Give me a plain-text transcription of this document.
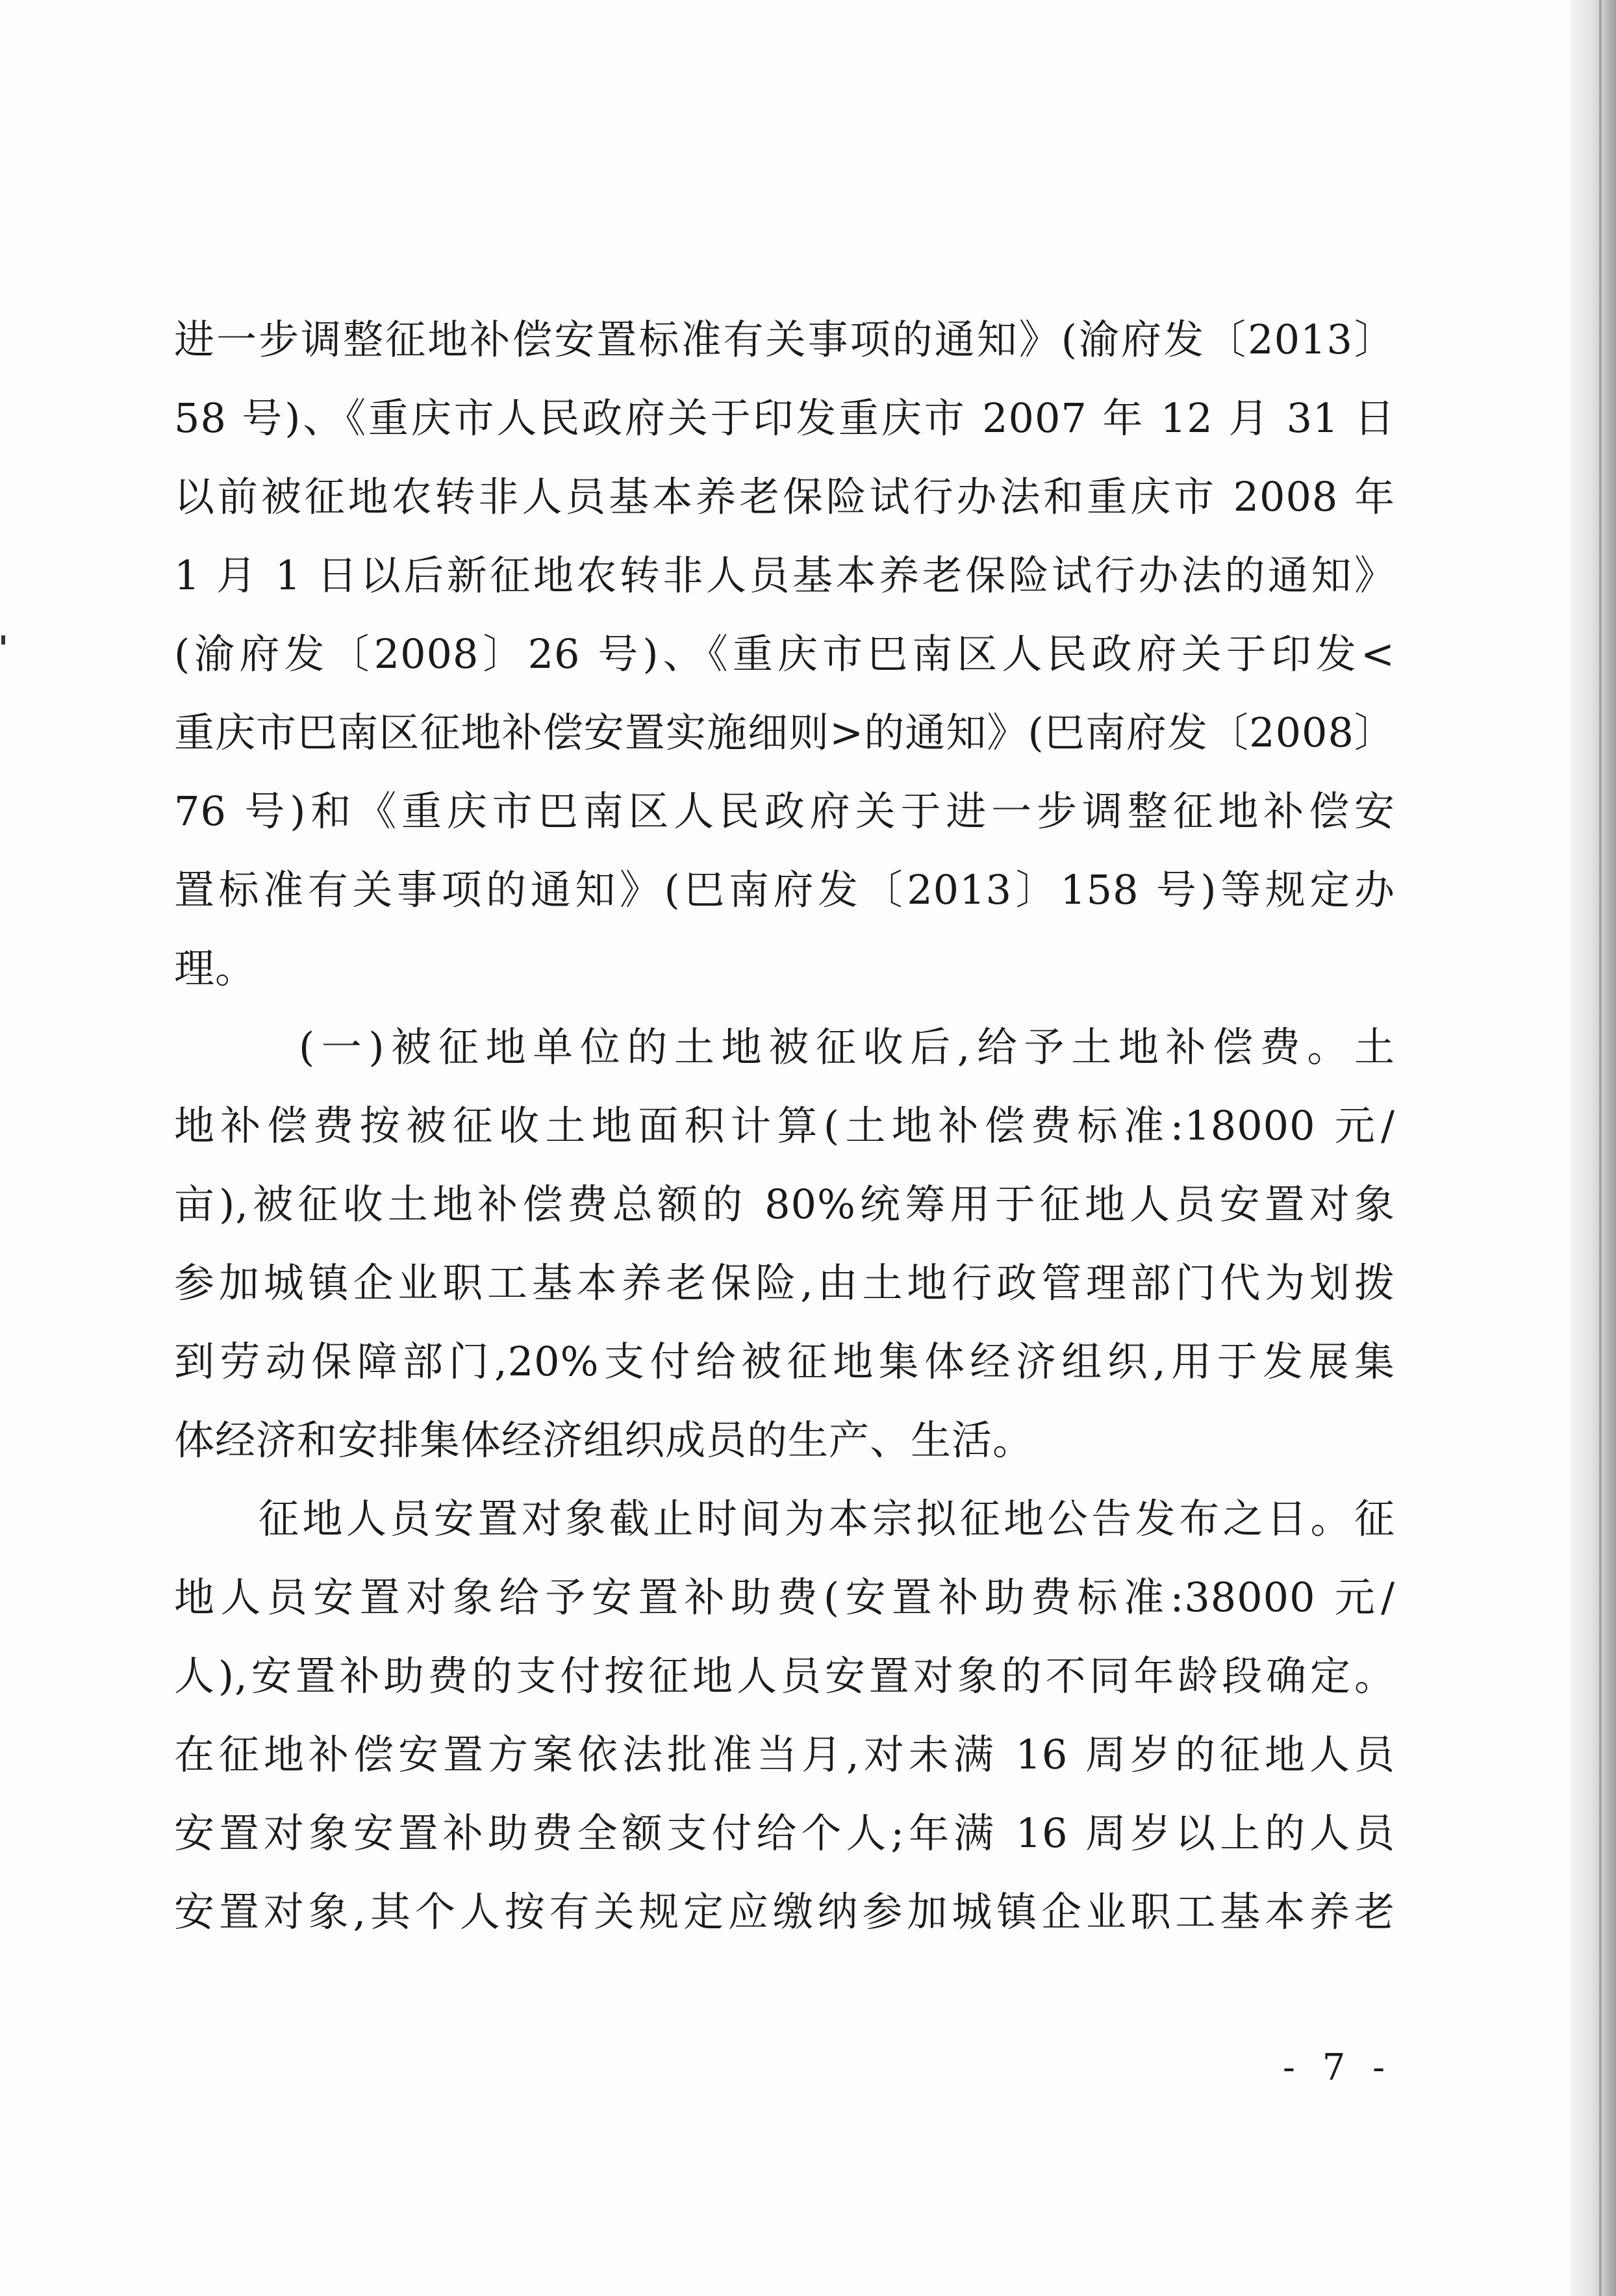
进一步调整征地补偿安置标准有关事项的通知》(渝府发〔2013〕
58 号)、《重庆市人民政府关于印发重庆市 2007 年 12 月 31 日
以前被征地农转非人员基本养老保险试行办法和重庆市 2008 年
1 月 1 日以后新征地农转非人员基本养老保险试行办法的通知》
(渝府发〔2008〕26 号)、《重庆市巴南区人民政府关于印发<
重庆市巴南区征地补偿安置实施细则>的通知》(巴南府发〔2008〕
76 号)和《重庆市巴南区人民政府关于进一步调整征地补偿安
置标准有关事项的通知》(巴南府发〔2013〕158 号)等规定办
理。
(一)被征地单位的土地被征收后,给予土地补偿费。土
地补偿费按被征收土地面积计算(土地补偿费标准:18000 元/
亩),被征收土地补偿费总额的 80%统筹用于征地人员安置对象
参加城镇企业职工基本养老保险,由土地行政管理部门代为划拨
到劳动保障部门,20%支付给被征地集体经济组织,用于发展集
体经济和安排集体经济组织成员的生产、生活。
征地人员安置对象截止时间为本宗拟征地公告发布之日。征
地人员安置对象给予安置补助费(安置补助费标准:38000 元/
人),安置补助费的支付按征地人员安置对象的不同年龄段确定。
在征地补偿安置方案依法批准当月,对未满 16 周岁的征地人员
安置对象安置补助费全额支付给个人;年满 16 周岁以上的人员
安置对象,其个人按有关规定应缴纳参加城镇企业职工基本养老
- 7 -
